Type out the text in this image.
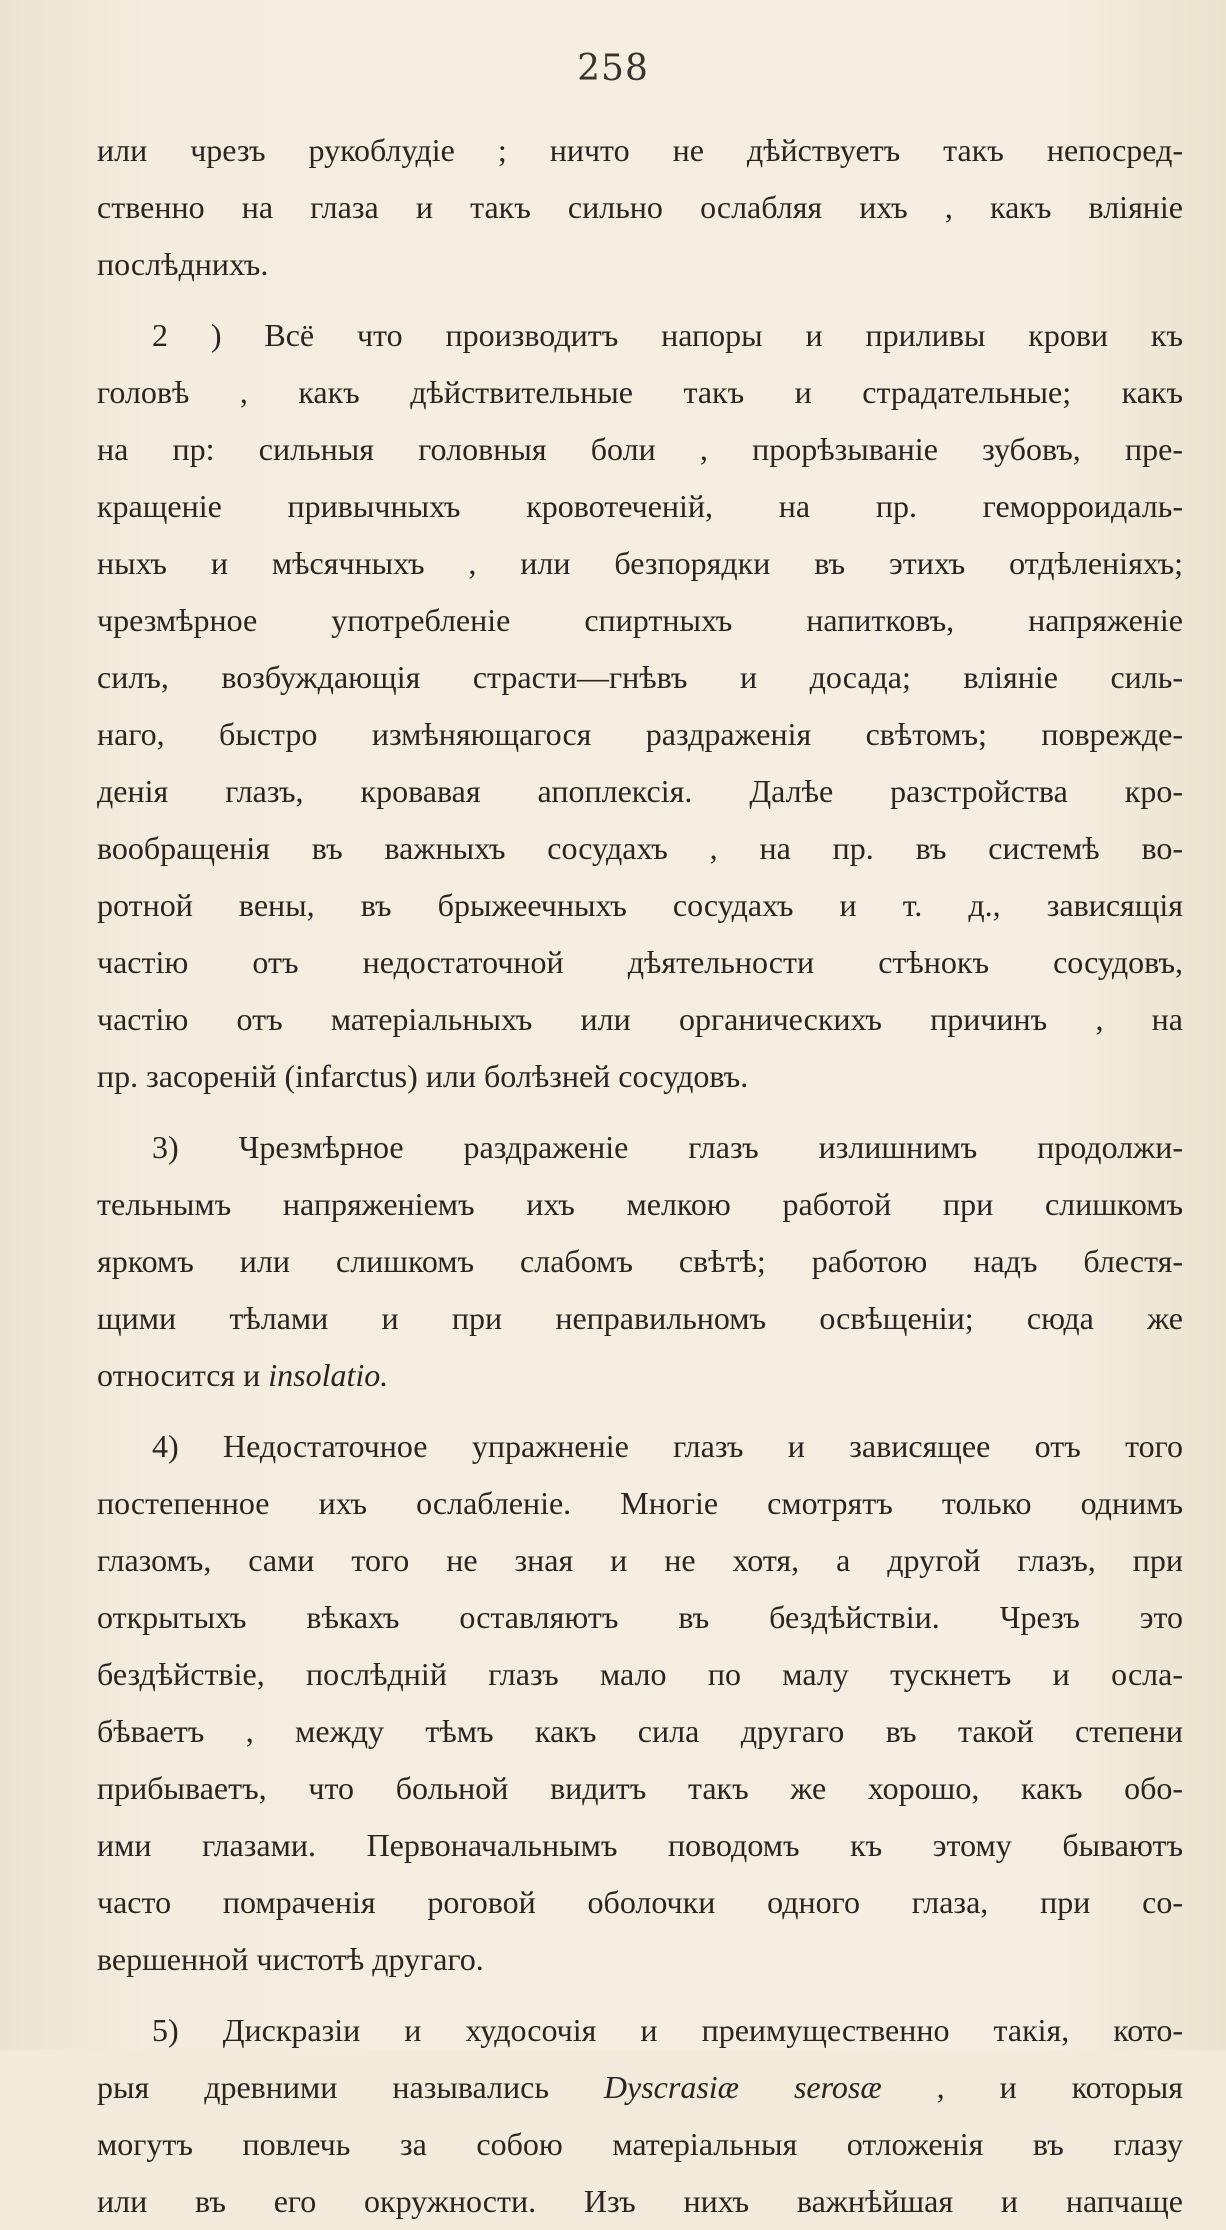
258
или чрезъ рукоблудіе ; ничто не дѣйствуетъ такъ непосред-
ственно на глаза и такъ сильно ослабляя ихъ , какъ вліяніе
послѣднихъ.
2 ) Всё что производитъ напоры и приливы крови къ
головѣ , какъ дѣйствительные такъ и страдательные; какъ
на пр: сильныя головныя боли , прорѣзываніе зубовъ, пре-
кращеніе привычныхъ кровотеченій, на пр. геморроидаль-
ныхъ и мѣсячныхъ , или безпорядки въ этихъ отдѣленіяхъ;
чрезмѣрное употребленіе спиртныхъ напитковъ, напряженіе
силъ, возбуждающія страсти—гнѣвъ и досада; вліяніе силь-
наго, быстро измѣняющагося раздраженія свѣтомъ; поврежде-
денія глазъ, кровавая апоплексія. Далѣе разстройства кро-
вообращенія въ важныхъ сосудахъ , на пр. въ системѣ во-
ротной вены, въ брыжеечныхъ сосудахъ и т. д., зависящія
частію отъ недостаточной дѣятельности стѣнокъ сосудовъ,
частію отъ матеріальныхъ или органическихъ причинъ , на
пр. засореній (infarctus) или болѣзней сосудовъ.
3) Чрезмѣрное раздраженіе глазъ излишнимъ продолжи-
тельнымъ напряженіемъ ихъ мелкою работой при слишкомъ
яркомъ или слишкомъ слабомъ свѣтѣ; работою надъ блестя-
щими тѣлами и при неправильномъ освѣщеніи; сюда же
относится и insolatio.
4) Недостаточное упражненіе глазъ и зависящее отъ того
постепенное ихъ ослабленіе. Многіе смотрятъ только однимъ
глазомъ, сами того не зная и не хотя, а другой глазъ, при
открытыхъ вѣкахъ оставляютъ въ бездѣйствіи. Чрезъ это
бездѣйствіе, послѣдній глазъ мало по малу тускнетъ и осла-
бѣваетъ , между тѣмъ какъ сила другаго въ такой степени
прибываетъ, что больной видитъ такъ же хорошо, какъ обо-
ими глазами. Первоначальнымъ поводомъ къ этому бываютъ
часто помраченія роговой оболочки одного глаза, при со-
вершенной чистотѣ другаго.
5) Дискразіи и худосочія и преимущественно такія, кото-
рыя древними назывались Dyscrasiæ serosæ , и которыя
могутъ повлечь за собою матеріальныя отложенія въ глазу
или въ его окружности. Изъ нихъ важнѣйшая и напчаще
